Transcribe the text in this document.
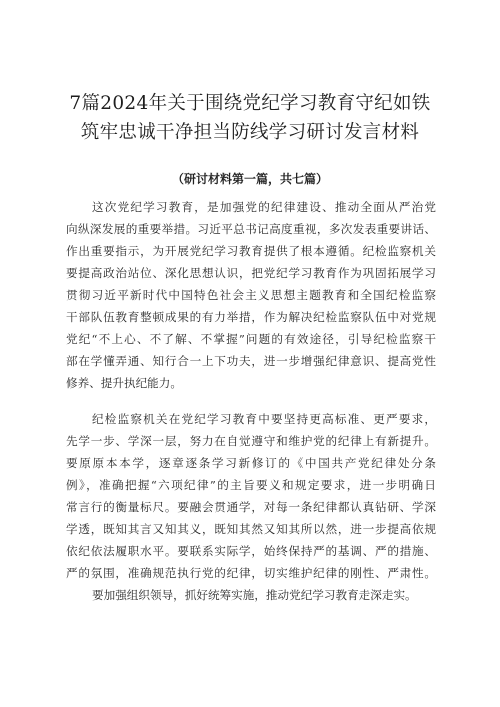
7篇2024年关于围绕党纪学习教育守纪如铁
筑牢忠诚干净担当防线学习研讨发言材料
（研讨材料第一篇，共七篇）
这次党纪学习教育，是加强党的纪律建设、推动全面从严治党
向纵深发展的重要举措。习近平总书记高度重视，多次发表重要讲话、
作出重要指示，为开展党纪学习教育提供了根本遵循。纪检监察机关
要提高政治站位、深化思想认识，把党纪学习教育作为巩固拓展学习
贯彻习近平新时代中国特色社会主义思想主题教育和全国纪检监察
干部队伍教育整顿成果的有力举措，作为解决纪检监察队伍中对党规
党纪“不上心、不了解、不掌握”问题的有效途径，引导纪检监察干
部在学懂弄通、知行合一上下功夫，进一步增强纪律意识、提高党性
修养、提升执纪能力。
纪检监察机关在党纪学习教育中要坚持更高标准、更严要求，
先学一步、学深一层，努力在自觉遵守和维护党的纪律上有新提升。
要原原本本学，逐章逐条学习新修订的《中国共产党纪律处分条
例》，准确把握“六项纪律”的主旨要义和规定要求，进一步明确日
常言行的衡量标尺。要融会贯通学，对每一条纪律都认真钻研、学深
学透，既知其言又知其义，既知其然又知其所以然，进一步提高依规
依纪依法履职水平。要联系实际学，始终保持严的基调、严的措施、
严的氛围，准确规范执行党的纪律，切实维护纪律的刚性、严肃性。
要加强组织领导，抓好统筹实施，推动党纪学习教育走深走实。
